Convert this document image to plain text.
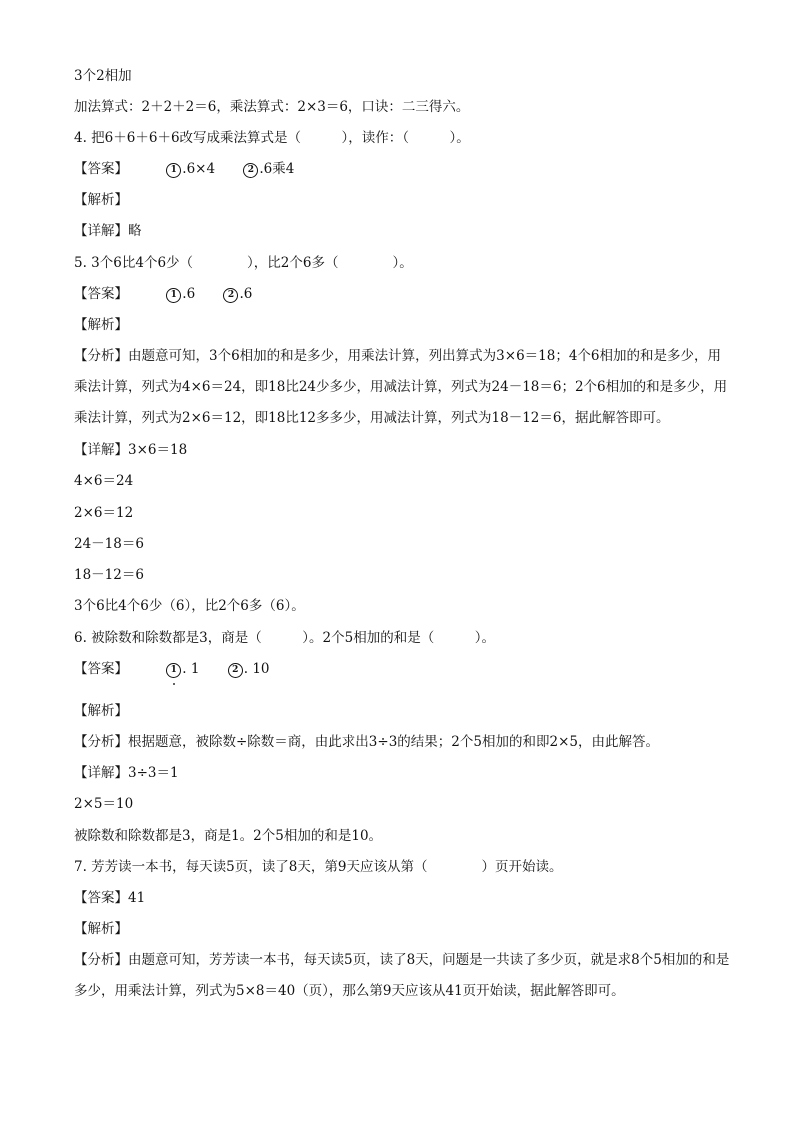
3个2相加
加法算式：2＋2＋2＝6，乘法算式：2×3＝6，口诀：二三得六。
4. 把6＋6＋6＋6改写成乘法算式是（　　　），读作：（　　　）。
【答案】	1 .6×4	2 .6乘4
【解析】
【详解】略
5. 3个6比4个6少（　　　　），比2个6多（　　　　）。
【答案】	1 .6	2 .6
【解析】
【分析】由题意可知，3个6相加的和是多少，用乘法计算，列出算式为3×6＝18；4个6相加的和是多少，用乘法计算，列式为4×6＝24，即18比24少多少，用减法计算，列式为24－18＝6；2个6相加的和是多少，用乘法计算，列式为2×6＝12，即18比12多多少，用减法计算，列式为18－12＝6，据此解答即可。
【详解】3×6＝18
4×6＝24
2×6＝12
24－18＝6
18－12＝6
3个6比4个6少（6），比2个6多（6）。
6. 被除数和除数都是3，商是（　　　）。2个5相加的和是（　　　）。
【答案】	1 . 1	2 . 10
【解析】
【分析】根据题意，被除数÷除数＝商，由此求出3÷3的结果；2个5相加的和即2×5，由此解答。
【详解】3÷3＝1
2×5＝10
被除数和除数都是3，商是1。2个5相加的和是10。
7. 芳芳读一本书，每天读5页，读了8天，第9天应该从第（　　　　）页开始读。
【答案】41
【解析】
【分析】由题意可知，芳芳读一本书，每天读5页，读了8天，问题是一共读了多少页，就是求8个5相加的和是多少，用乘法计算，列式为5×8＝40（页），那么第9天应该从41页开始读，据此解答即可。
